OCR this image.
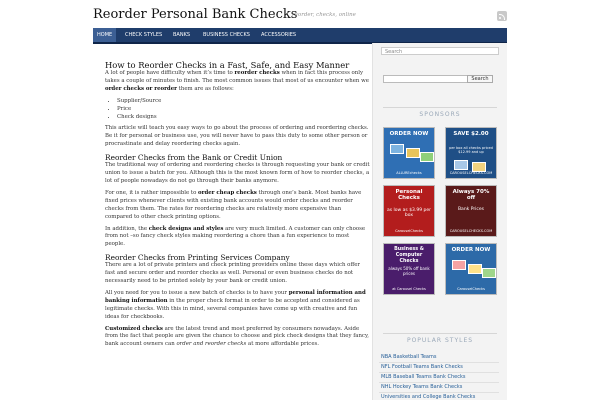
Reorder Personal Bank Checks
reorder, checks, online
HOME	CHECK STYLES BANKS	BUSINESS CHECKS ACCESSORIES
How to Reorder Checks in a Fast, Safe, and Easy Manner

A lot of people have difficulty when it’s time to reorder checks when in fact this process only takes a couple of minutes to finish. The most common issues that most of us encounter when we order checks or reorder them are as follows:

• Supplier/Source
• Price
• Check designs

This article will teach you easy ways to go about the process of ordering and reordering checks. Be it for personal or business use, you will never have to pass this duty to some other person or procrastinate and delay reordering checks again.

Reorder Checks from the Bank or Credit Union

The traditional way of ordering and reordering checks is through requesting your bank or credit union to issue a batch for you. Although this is the most known form of how to reorder checks, a lot of people nowadays do not go through their banks anymore.

For one, it is rather impossible to order cheap checks through one’s bank. Most banks have fixed prices whenever clients with existing bank accounts would order checks and reorder checks from them. The rates for reordering checks are relatively more expensive than compared to other check printing options.

In addition, the check designs and styles are very much limited. A customer can only choose from not –so fancy check styles making reordering a chore than a fun experience to most people.

Reorder Checks from Printing Services Company

There are a lot of private printers and check printing providers online these days which offer fast and secure order and reorder checks as well. Personal or even business checks do not necessarily need to be printed solely by your bank or credit union.

All you need for you to issue a new batch of checks is to have your personal information and banking information in the proper check format in order to be accepted and considered as legitimate checks. With this in mind, several companies have come up with creative and fun ideas for checkbooks.

Customized checks are the latest trend and most preferred by consumers nowadays. Aside from the fact that people are given the chance to choose and pick check designs that they fancy, bank account owners can order and reorder checks at more affordable prices.

Search
Search
SPONSORS
ORDER NOW
ALLUREchecks
SAVE $2.00
per box all checks priced $12.99 and up
CAROUSELCHECKS.COM
Personal Checks
as low as $3.99 per box
CarouselChecks
Always 70% off
Bank Prices
CAROUSELCHECKS.COM
Business & Computer Checks
always 50% off bank prices
at Carousel Checks
ORDER NOW
CarouselChecks
POPULAR STYLES
NBA Basketball Teams
NFL Football Teams Bank Checks
MLB Baseball Teams Bank Checks
NHL Hockey Teams Bank Checks
Universities and College Bank Checks
